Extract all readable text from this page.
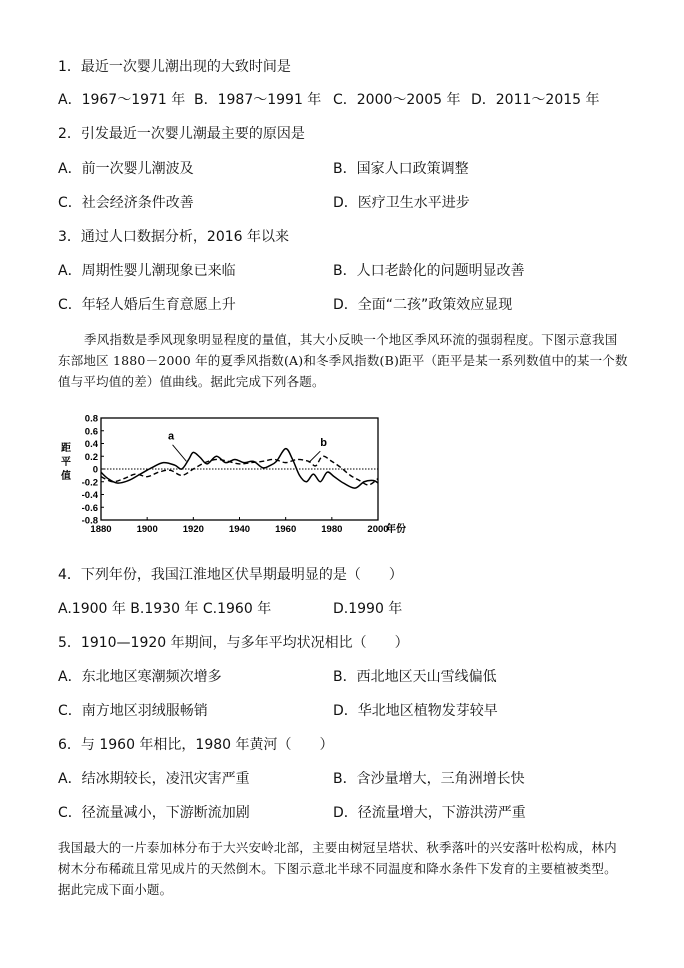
1．最近一次婴儿潮出现的大致时间是
A．1967～1971 年 B．1987～1991 年 C．2000～2005 年 D．2011～2015 年
2．引发最近一次婴儿潮最主要的原因是
A．前一次婴儿潮波及	B．国家人口政策调整
C．社会经济条件改善	D．医疗卫生水平进步
3．通过人口数据分析，2016 年以来
A．周期性婴儿潮现象已来临	B．人口老龄化的问题明显改善
C．年轻人婚后生育意愿上升	D．全面“二孩”政策效应显现
季风指数是季风现象明显程度的量值，其大小反映一个地区季风环流的强弱程度。下图示意我国东部地区 1880－2000 年的夏季风指数(A)和冬季风指数(B)距平（距平是某一系列数值中的某一个数值与平均值的差）值曲线。据此完成下列各题。
0.8
0.6
0.4
0.2
0
-0.2
-0.4
-0.6
-0.8
1880	1900	1920	1940	1960	1980	2000
年份
距
平
值
a
b
4．下列年份，我国江淮地区伏旱期最明显的是（　　）
A.1900 年 B.1930 年 C.1960 年	D.1990 年
5．1910—1920 年期间，与多年平均状况相比（　　）
A．东北地区寒潮频次增多	B．西北地区天山雪线偏低
C．南方地区羽绒服畅销	D．华北地区植物发芽较早
6．与 1960 年相比，1980 年黄河（　　）
A．结冰期较长，凌汛灾害严重	B．含沙量增大，三角洲增长快
C．径流量减小，下游断流加剧	D．径流量增大，下游洪涝严重
我国最大的一片泰加林分布于大兴安岭北部，主要由树冠呈塔状、秋季落叶的兴安落叶松构成，林内树木分布稀疏且常见成片的天然倒木。下图示意北半球不同温度和降水条件下发育的主要植被类型。据此完成下面小题。
